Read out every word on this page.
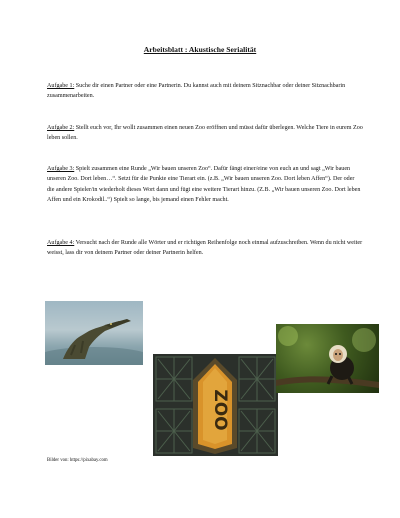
Arbeitsblatt : Akustische Serialität
Aufgabe 1: Suche dir einen Partner oder eine Partnerin. Du kannst auch mit deinem Sitznachbar oder deiner Sitznachbarin zusammenarbeiten.
Aufgabe 2: Stellt euch vor, Ihr wollt zusammen einen neuen Zoo eröffnen und müsst dafür überlegen. Welche Tiere in eurem Zoo leben sollen.
Aufgabe 3: Spielt zusammen eine Runde „Wir bauen unseren Zoo“. Dafür fängt einer/eine von euch an und sagt „Wir bauen unseren Zoo. Dort leben…“. Setzt für die Punkte eine Tierart ein. (z.B. „Wir bauen unseren Zoo. Dort leben Affen“). Der oder die andere Spieler/in wiederholt dieses Wort dann und fügt eine weitere Tierart hinzu. (Z.B. „Wir bauen unseren Zoo. Dort leben Affen und ein Krokodil..“) Spielt so lange, bis jemand einen Fehler macht.
Aufgabe 4: Versucht nach der Runde alle Wörter und er richtigen Reihenfolge noch einmal aufzuschreiben. Wenn du nicht weiter weisst, lass dir von deinem Partner oder deiner Partnerin helfen.
ZOO
Bilder von: https://pixabay.com
